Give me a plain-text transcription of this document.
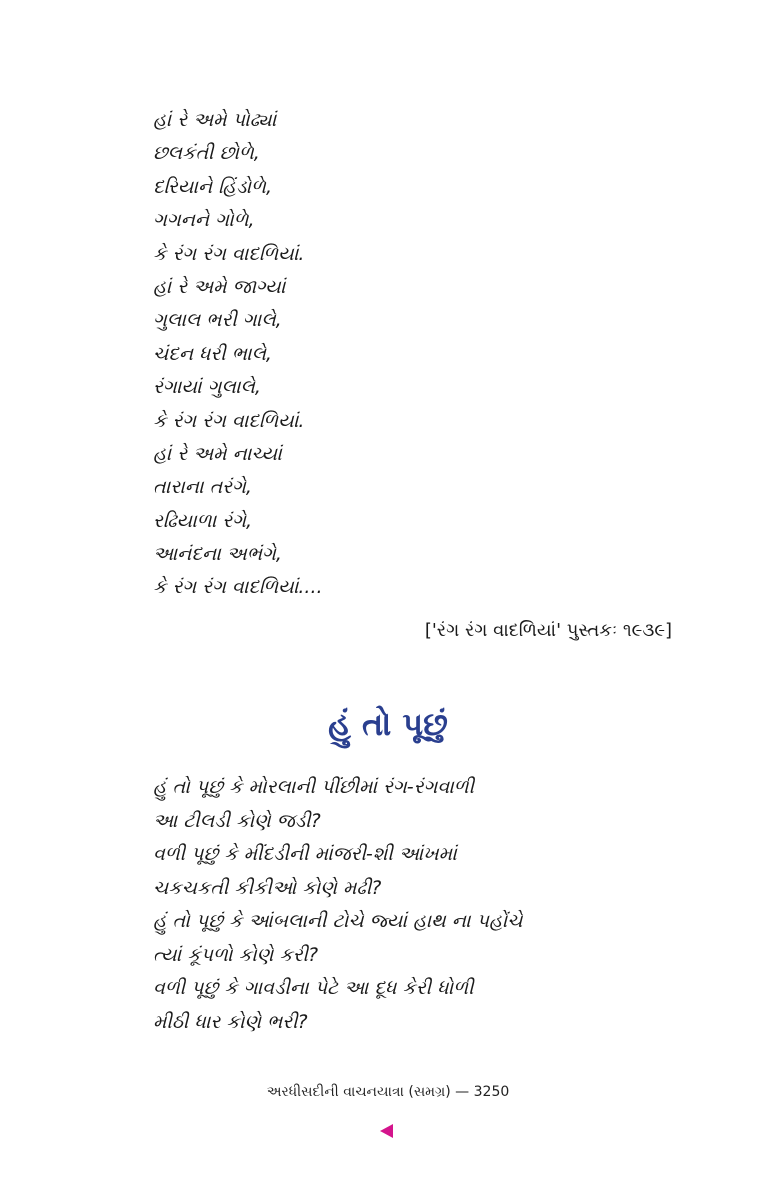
હાં રે અમે પોઢ્યાં
છલકંતી છોળે,
દરિયાને હિંડોળે,
ગગનને ગોળે,
કે રંગ રંગ વાદળિયાં.
હાં રે અમે જાગ્યાં
ગુલાલ ભરી ગાલે,
ચંદન ધરી ભાલે,
રંગાયાં ગુલાલે,
કે રંગ રંગ વાદળિયાં.
હાં રે અમે નાચ્યાં
તારાના તરંગે,
રઢિયાળા રંગે,
આનંદના અભંગે,
કે રંગ રંગ વાદળિયાં....
['રંગ રંગ વાદળિયાં' પુસ્તકઃ ૧૯૩૯]
હું તો પૂછું
હું તો પૂછું કે મોરલાની પીંછીમાં રંગ-રંગવાળી
આ ટીલડી કોણે જડી?
વળી પૂછું કે મીંદડીની માંજરી-શી આંખમાં
ચકચકતી કીકીઓ કોણે મઢી?
હું તો પૂછું કે આંબલાની ટોચે જ્યાં હાથ ના પહોંચે
ત્યાં કૂંપળો કોણે કરી?
વળી પૂછું કે ગાવડીના પેટે આ દૂધ કેરી ધોળી
મીઠી ધાર કોણે ભરી?
અરધીસદીની વાચનયાત્રા (સમગ્ર) — 3250
